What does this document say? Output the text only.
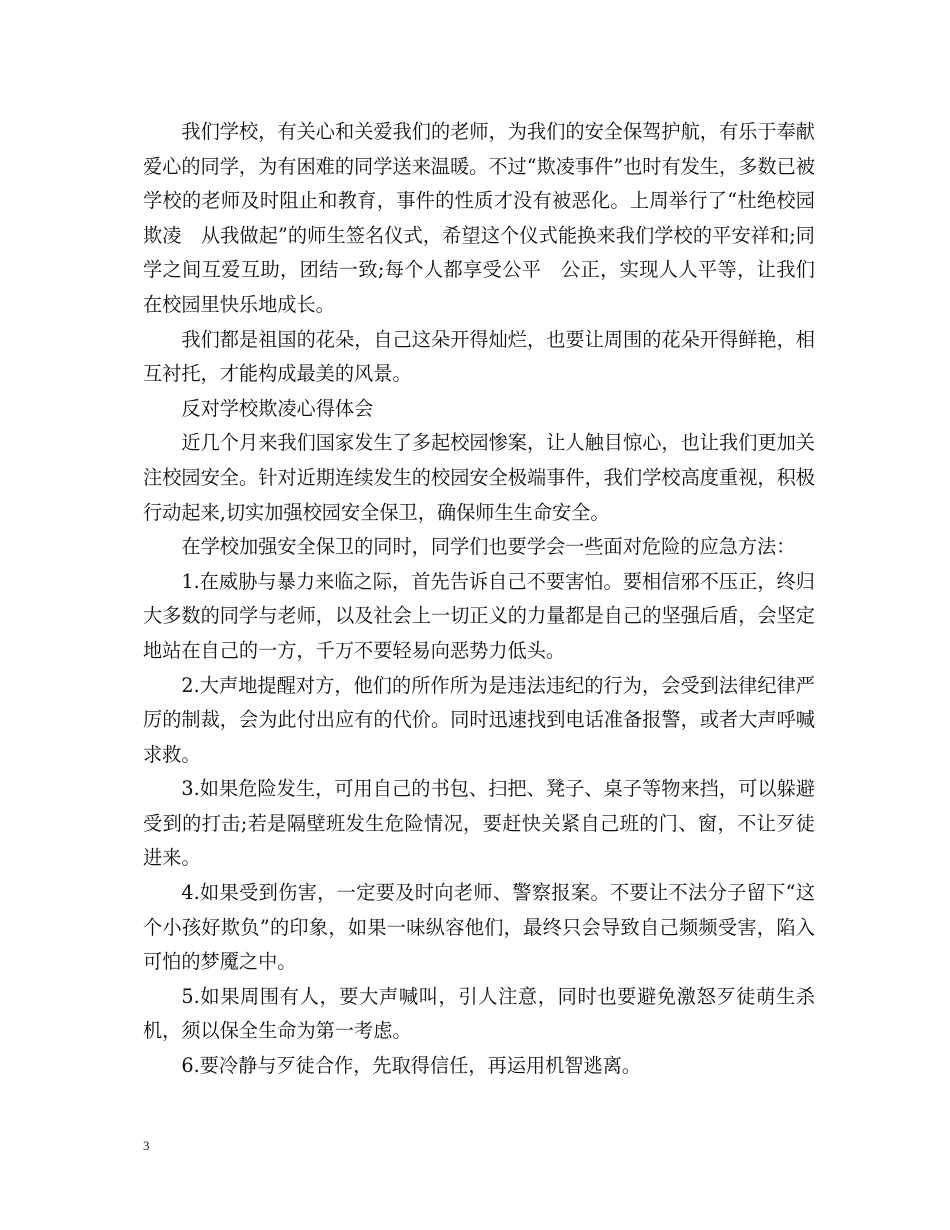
我们学校，有关心和关爱我们的老师，为我们的安全保驾护航，有乐于奉献爱心的同学，为有困难的同学送来温暖。不过“欺凌事件”也时有发生，多数已被学校的老师及时阻止和教育，事件的性质才没有被恶化。上周举行了“杜绝校园欺凌　从我做起”的师生签名仪式，希望这个仪式能换来我们学校的平安祥和;同学之间互爱互助，团结一致;每个人都享受公平　公正，实现人人平等，让我们在校园里快乐地成长。

我们都是祖国的花朵，自己这朵开得灿烂，也要让周围的花朵开得鲜艳，相互衬托，才能构成最美的风景。

反对学校欺凌心得体会

近几个月来我们国家发生了多起校园惨案，让人触目惊心，也让我们更加关注校园安全。针对近期连续发生的校园安全极端事件，我们学校高度重视，积极行动起来,切实加强校园安全保卫，确保师生生命安全。

在学校加强安全保卫的同时，同学们也要学会一些面对危险的应急方法：

1.在威胁与暴力来临之际，首先告诉自己不要害怕。要相信邪不压正，终归大多数的同学与老师，以及社会上一切正义的力量都是自己的坚强后盾，会坚定地站在自己的一方，千万不要轻易向恶势力低头。

2.大声地提醒对方，他们的所作所为是违法违纪的行为，会受到法律纪律严厉的制裁，会为此付出应有的代价。同时迅速找到电话准备报警，或者大声呼喊求救。

3.如果危险发生，可用自己的书包、扫把、凳子、桌子等物来挡，可以躲避受到的打击;若是隔壁班发生危险情况，要赶快关紧自己班的门、窗，不让歹徒进来。

4.如果受到伤害，一定要及时向老师、警察报案。不要让不法分子留下“这个小孩好欺负”的印象，如果一味纵容他们，最终只会导致自己频频受害，陷入可怕的梦魇之中。

5.如果周围有人，要大声喊叫，引人注意，同时也要避免激怒歹徒萌生杀机，须以保全生命为第一考虑。

6.要冷静与歹徒合作，先取得信任，再运用机智逃离。

3
